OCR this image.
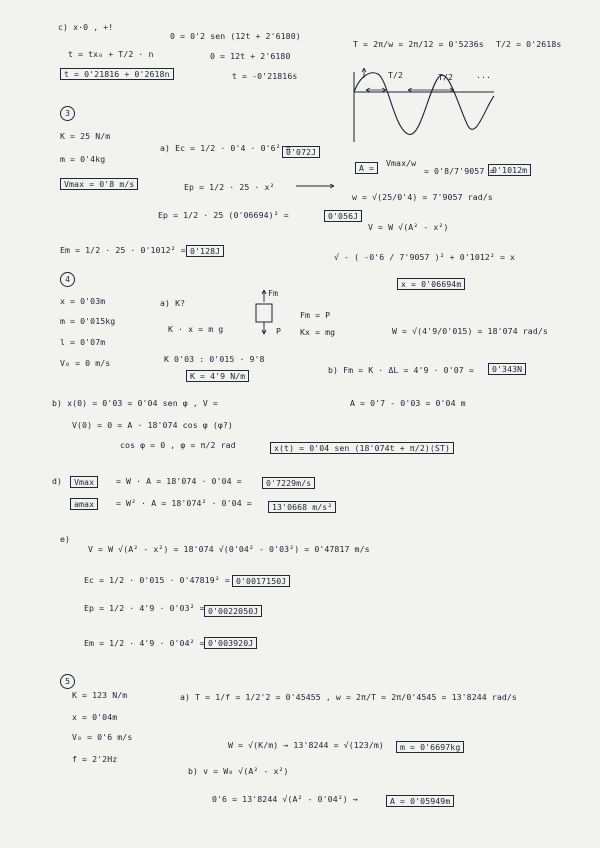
c) x·0 , +!
0 = 0'2 sen (12t + 2'6180)
T = 2π/w = 2π/12 = 0'5236s T/2 = 0'2618s
t = tx₀ + T/2 · n	0 = 12t + 2'6180
t = 0'21816 + 0'2618n	t = -0'21816s	T/2	T/2	...
3
K = 25 N/m
a) Ec = 1/2 · 0'4 · 0'6² =
0'072J
m = 0'4kg
A =	Vmax/w
= 0'8/7'9057 =
0'1012m
Vmax = 0'8 m/s	Ep = 1/2 · 25 · x²
w = √(25/0'4) = 7'9057 rad/s
Ep = 1/2 · 25 (0'06694)² =	0'056J
V = W √(A² - x²)
Em = 1/2 · 25 · 0'1012² = 0'128J
√ - ( -0'6 / 7'9057 )² + 0'1012² = x
x = 0'06694m
4
x = 0'03m	a) K?
Fm
P
Fm = P
m = 0'015kg
K · x = m g	Kx = mg	W = √(4'9/0'015) = 18'074 rad/s
l = 0'07m
V₀ = 0 m/s	K 0'03 : 0'015 · 9'8
K = 4'9 N/m
b) Fm = K · ΔL = 4'9 · 0'07 =	0'343N
b) x(0) = 0'03 = 0'04 sen φ , V =	A = 0'7 - 0'03 = 0'04 m
V(0) = 0 = A · 18'074 cos φ (φ?)
cos φ = 0 , φ = π/2 rad	x(t) = 0'04 sen (18'074t + π/2)(ST)
d)	Vmax	= W · A = 18'074 · 0'04 =	0'7229m/s
amax	= W² · A = 18'074² · 0'04 =	13'0668 m/s²
e)
V = W √(A² - x²) = 18'074 √(0'04² - 0'03²) = 0'47817 m/s
Ec = 1/2 · 0'015 · 0'47819² = 0'0017150J
Ep = 1/2 · 4'9 · 0'03² = 0'0022050J
Em = 1/2 · 4'9 · 0'04² = 0'003920J
5
K = 123 N/m	a) T = 1/f = 1/2'2 = 0'45455 , w = 2π/T = 2π/0'4545 = 13'8244 rad/s
x = 0'04m
V₀ = 0'6 m/s
W = √(K/m) → 13'8244 = √(123/m)	m = 0'6697kg
f = 2'2Hz
b) v = W₀ √(A² - x²)
0'6 = 13'8244 √(A² - 0'04²) →	A = 0'05949m
